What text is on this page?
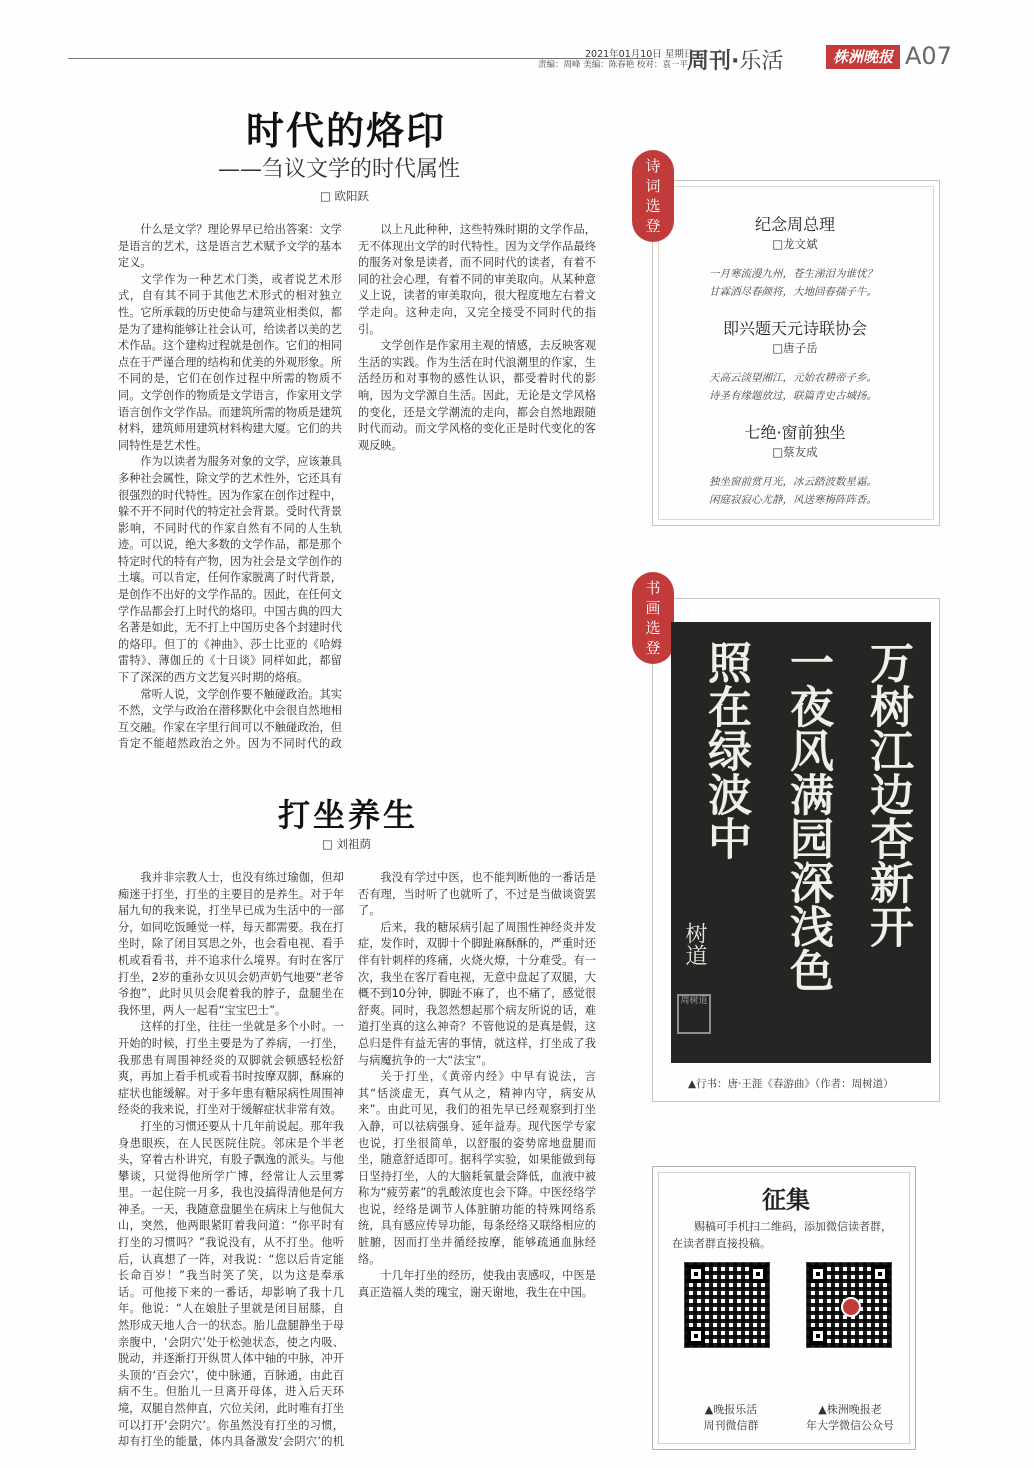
2021年01月10日 星期日
责编：周峰 美编：陈春艳 校对：袁一平 周刊·乐活	株洲晚报 A07
时代的烙印
——刍议文学的时代属性
□ 欧阳跃

什么是文学？理论界早已给出答案：文学是语言的艺术，这是语言艺术赋予文学的基本定义。

文学作为一种艺术门类，或者说艺术形式，自有其不同于其他艺术形式的相对独立性。它所承载的历史使命与建筑业相类似，都是为了建构能够让社会认可，给读者以美的艺术作品。这个建构过程就是创作。它们的相同点在于严谨合理的结构和优美的外观形象。所不同的是，它们在创作过程中所需的物质不同。文学创作的物质是文学语言，作家用文学语言创作文学作品。而建筑所需的物质是建筑材料，建筑师用建筑材料构建大厦。它们的共同特性是艺术性。

作为以读者为服务对象的文学，应该兼具多种社会属性，除文学的艺术性外，它还具有很强烈的时代特性。因为作家在创作过程中，躲不开不同时代的特定社会背景。受时代背景影响，不同时代的作家自然有不同的人生轨迹。可以说，绝大多数的文学作品，都是那个特定时代的特有产物，因为社会是文学创作的土壤。可以肯定，任何作家脱离了时代背景，是创作不出好的文学作品的。因此，在任何文学作品都会打上时代的烙印。中国古典的四大名著是如此，无不打上中国历史各个封建时代的烙印。但丁的《神曲》、莎士比亚的《哈姆雷特》、薄伽丘的《十日谈》同样如此，都留下了深深的西方文艺复兴时期的烙痕。

常听人说，文学创作要不触碰政治。其实不然，文学与政治在潜移默化中会很自然地相互交融。作家在字里行间可以不触碰政治，但肯定不能超然政治之外。因为不同时代的政

以上凡此种种，这些特殊时期的文学作品，无不体现出文学的时代特性。因为文学作品最终的服务对象是读者，而不同时代的读者，有着不同的社会心理，有着不同的审美取向。从某种意义上说，读者的审美取向，很大程度地左右着文学走向。这种走向，又完全接受不同时代的指引。

文学创作是作家用主观的情感，去反映客观生活的实践。作为生活在时代浪潮里的作家，生活经历和对事物的感性认识，都受着时代的影响，因为文学源自生活。因此，无论是文学风格的变化，还是文学潮流的走向，都会自然地跟随时代而动。而文学风格的变化正是时代变化的客观反映。

打坐养生
□ 刘祖荫

我并非宗教人士，也没有练过瑜伽，但却痴迷于打坐，打坐的主要目的是养生。对于年届九旬的我来说，打坐早已成为生活中的一部分，如同吃饭睡觉一样，每天都需要。我在打坐时，除了闭目冥思之外，也会看电视、看手机或看看书，并不追求什么境界。有时在客厅打坐，2岁的重孙女贝贝会奶声奶气地要“老爷爷抱”，此时贝贝会爬着我的脖子，盘腿坐在我怀里，两人一起看“宝宝巴士”。

这样的打坐，往往一坐就是多个小时。一开始的时候，打坐主要是为了养病，一打坐，我那患有周围神经炎的双脚就会顿感轻松舒爽，再加上看手机或看书时按摩双脚，酥麻的症状也能缓解。对于多年患有糖尿病性周围神经炎的我来说，打坐对于缓解症状非常有效。

打坐的习惯还要从十几年前说起。那年我身患眼疾，在人民医院住院。邻床是个半老头，穿着古朴讲究，有股子飘逸的派头。与他攀谈，只觉得他所学广博，经常让人云里雾里。一起住院一月多，我也没搞得清他是何方神圣。一天，我随意盘腿坐在病床上与他侃大山，突然，他两眼紧盯着我问道：“你平时有打坐的习惯吗？”我说没有，从不打坐。他听后，认真想了一阵，对我说：“您以后肯定能长命百岁！”我当时笑了笑，以为这是奉承话。可他接下来的一番话，却影响了我十几年。他说：“人在娘肚子里就是闭目屈膝，自然形成天地人合一的状态。胎儿盘腿静坐于母亲腹中，‘会阴穴’处于松弛状态，使之内吸、脱动，并逐渐打开纵贯人体中轴的中脉，冲开头顶的‘百会穴’，使中脉通，百脉通，由此百病不生。但胎儿一旦离开母体，进入后天环境，双腿自然伸直，穴位关闭，此时唯有打坐可以打开‘会阴穴’。你虽然没有打坐的习惯，却有打坐的能量，体内具备激发‘会阴穴’的机

我没有学过中医，也不能判断他的一番话是否有理，当时听了也就听了，不过是当做谈资罢了。

后来，我的糖尿病引起了周围性神经炎并发症，发作时，双脚十个脚趾麻酥酥的，严重时还伴有针刺样的疼痛，火烧火燎，十分难受。有一次，我坐在客厅看电视，无意中盘起了双腿，大概不到10分钟，脚趾不麻了，也不痛了，感觉很舒爽。同时，我忽然想起那个病友所说的话，难道打坐真的这么神奇？不管他说的是真是假，这总归是件有益无害的事情，就这样，打坐成了我与病魔抗争的一大“法宝”。

关于打坐，《黄帝内经》中早有说法，言其“恬淡虚无，真气从之，精神内守，病安从来”。由此可见，我们的祖先早已经观察到打坐入静，可以祛病强身、延年益寿。现代医学专家也说，打坐很简单，以舒服的姿势席地盘腿而坐，随意舒适即可。据科学实验，如果能做到每日坚持打坐，人的大脑耗氧量会降低，血液中被称为“疲劳素”的乳酸浓度也会下降。中医经络学也说，经络是调节人体脏腑功能的特殊网络系统，具有感应传导功能，每条经络又联络相应的脏腑，因而打坐并循经按摩，能够疏通血脉经络。

十几年打坐的经历，使我由衷感叹，中医是真正造福人类的瑰宝，谢天谢地，我生在中国。

诗词选登	纪念周总理
□龙文斌
一月寒流漫九州，苍生涕泪为谁忧？
甘霖洒尽春颜将，大地回春孺子牛。
即兴题天元诗联协会
□唐子岳
天高云淡望湘江，元始农耕帝子乡。
诗圣有缘题放过，联篇青史古城扬。
七绝·窗前独坐
□蔡友成
独坐窗前赏月光，冰云踏波数星霜。
闲庭寂寂心尤静，风送寒梅阵阵香。
书画选登	万树江边杏新开
一夜风满园深浅色
照在绿波中
树道
周树道
▲行书：唐·王涯《春游曲》（作者：周树道）
征集
赐稿可手机扫二维码，添加微信读者群，在读者群直接投稿。
▲晚报乐活
周刊微信群
▲株洲晚报老
年大学微信公众号
